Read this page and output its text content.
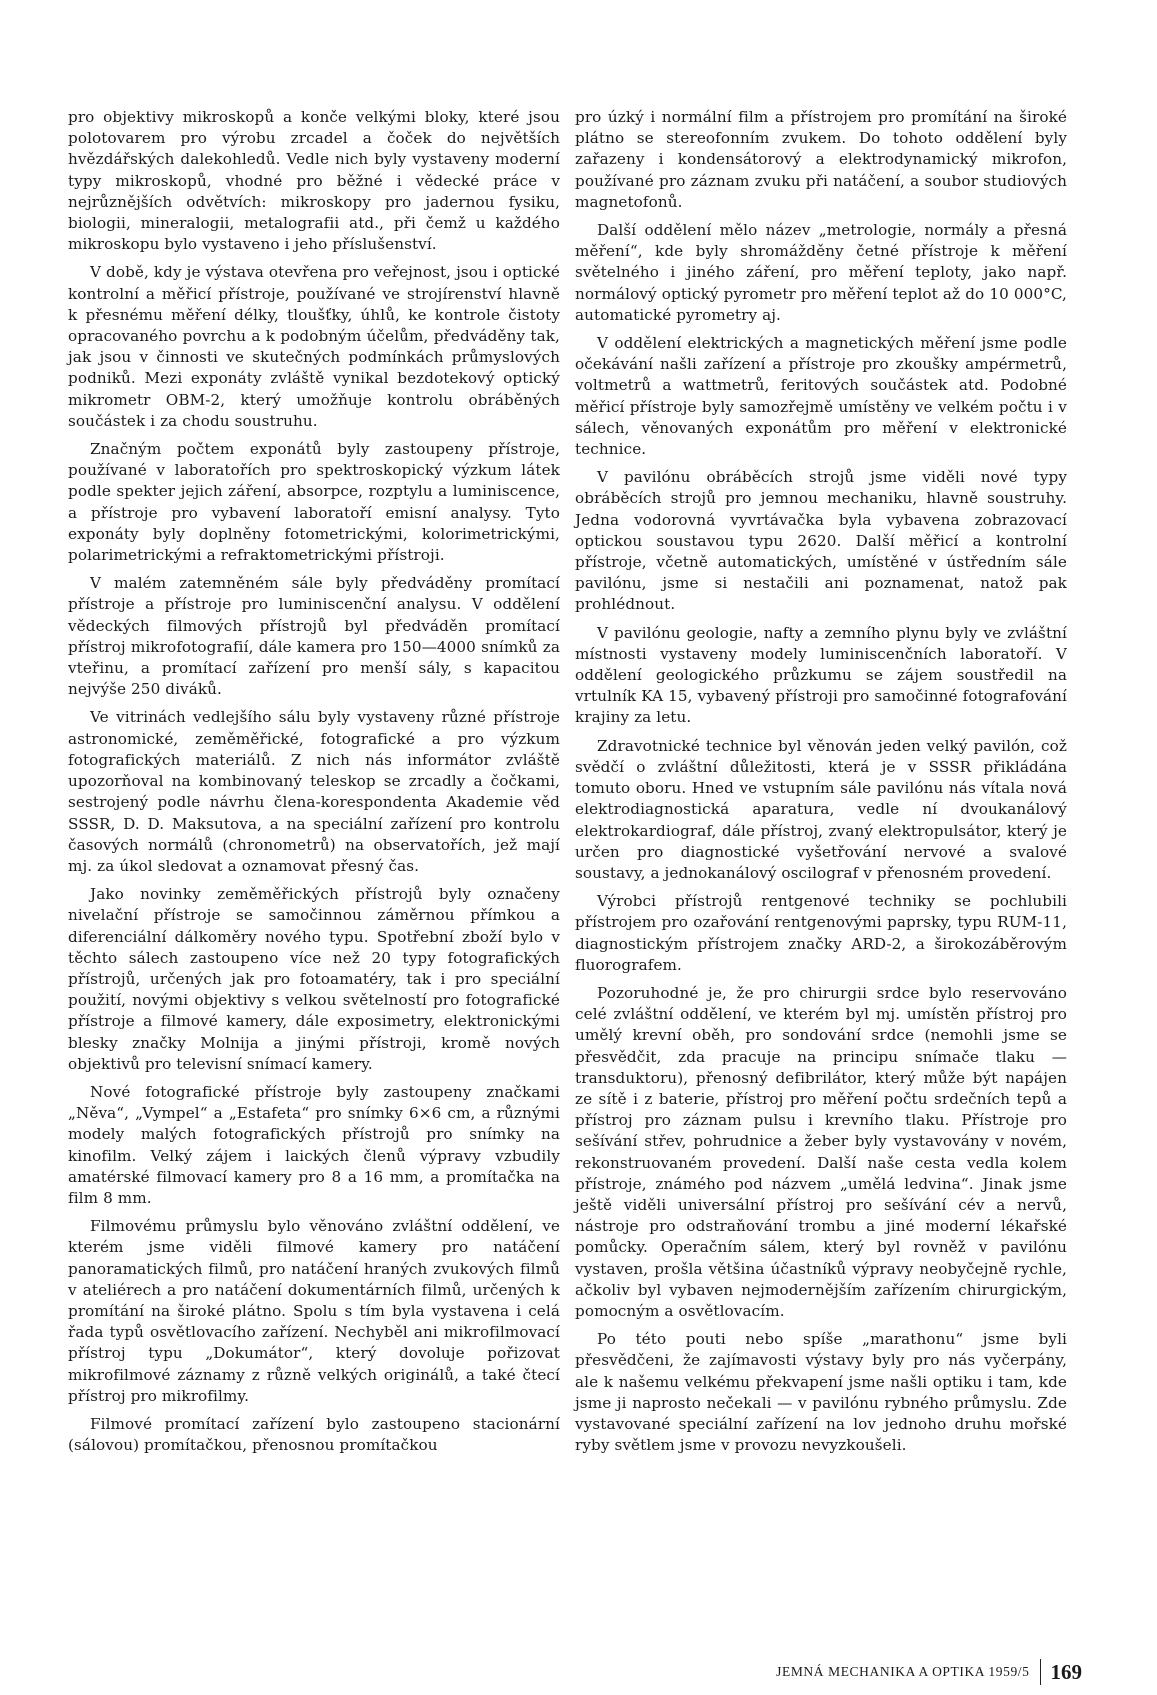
pro objektivy mikroskopů a konče velkými bloky, které jsou polotovarem pro výrobu zrcadel a čoček do největších hvězdářských dalekohledů. Vedle nich byly vystaveny moderní typy mikroskopů, vhodné pro běžné i vědecké práce v nejrůznějších odvětvích: mikroskopy pro jadernou fysiku, biologii, mineralogii, metalografii atd., při čemž u každého mikroskopu bylo vystaveno i jeho příslušenství.

V době, kdy je výstava otevřena pro veřejnost, jsou i optické kontrolní a měřicí přístroje, používané ve strojírenství hlavně k přesnému měření délky, tloušťky, úhlů, ke kontrole čistoty opracovaného povrchu a k podobným účelům, předváděny tak, jak jsou v činnosti ve skutečných podmínkách průmyslových podniků. Mezi exponáty zvláště vynikal bezdotekový optický mikrometr OBM-2, který umožňuje kontrolu obráběných součástek i za chodu soustruhu.

Značným počtem exponátů byly zastoupeny přístroje, používané v laboratořích pro spektroskopický výzkum látek podle spekter jejich záření, absorpce, rozptylu a luminiscence, a přístroje pro vybavení laboratoří emisní analysy. Tyto exponáty byly doplněny fotometrickými, kolorimetrickými, polarimetrickými a refraktometrickými přístroji.

V malém zatemněném sále byly předváděny promítací přístroje a přístroje pro luminiscenční analysu. V oddělení vědeckých filmových přístrojů byl předváděn promítací přístroj mikrofotografií, dále kamera pro 150—4000 snímků za vteřinu, a promítací zařízení pro menší sály, s kapacitou nejvýše 250 diváků.

Ve vitrinách vedlejšího sálu byly vystaveny různé přístroje astronomické, zeměměřické, fotografické a pro výzkum fotografických materiálů. Z nich nás informátor zvláště upozorňoval na kombinovaný teleskop se zrcadly a čočkami, sestrojený podle návrhu člena-korespondenta Akademie věd SSSR, D. D. Maksutova, a na speciální zařízení pro kontrolu časových normálů (chronometrů) na observatořích, jež mají mj. za úkol sledovat a oznamovat přesný čas.

Jako novinky zeměměřických přístrojů byly označeny nivelační přístroje se samočinnou záměrnou přímkou a diferenciální dálkoměry nového typu. Spotřební zboží bylo v těchto sálech zastoupeno více než 20 typy fotografických přístrojů, určených jak pro fotoamatéry, tak i pro speciální použití, novými objektivy s velkou světelností pro fotografické přístroje a filmové kamery, dále exposimetry, elektronickými blesky značky Molnija a jinými přístroji, kromě nových objektivů pro televisní snímací kamery.

Nové fotografické přístroje byly zastoupeny značkami „Něva“, „Vympel“ a „Estafeta“ pro snímky 6×6 cm, a různými modely malých fotografických přístrojů pro snímky na kinofilm. Velký zájem i laických členů výpravy vzbudily amatérské filmovací kamery pro 8 a 16 mm, a promítačka na film 8 mm.

Filmovému průmyslu bylo věnováno zvláštní oddělení, ve kterém jsme viděli filmové kamery pro natáčení panoramatických filmů, pro natáčení hraných zvukových filmů v ateliérech a pro natáčení dokumentárních filmů, určených k promítání na široké plátno. Spolu s tím byla vystavena i celá řada typů osvětlovacího zařízení. Nechyběl ani mikrofilmovací přístroj typu „Dokumátor“, který dovoluje pořizovat mikrofilmové záznamy z různě velkých originálů, a také čtecí přístroj pro mikrofilmy.

Filmové promítací zařízení bylo zastoupeno stacionární (sálovou) promítačkou, přenosnou promítačkou

pro úzký i normální film a přístrojem pro promítání na široké plátno se stereofonním zvukem. Do tohoto oddělení byly zařazeny i kondensátorový a elektrodynamický mikrofon, používané pro záznam zvuku při natáčení, a soubor studiových magnetofonů.

Další oddělení mělo název „metrologie, normály a přesná měření“, kde byly shromážděny četné přístroje k měření světelného i jiného záření, pro měření teploty, jako např. normálový optický pyrometr pro měření teplot až do 10 000°C, automatické pyrometry aj.

V oddělení elektrických a magnetických měření jsme podle očekávání našli zařízení a přístroje pro zkoušky ampérmetrů, voltmetrů a wattmetrů, feritových součástek atd. Podobné měřicí přístroje byly samozřejmě umístěny ve velkém počtu i v sálech, věnovaných exponátům pro měření v elektronické technice.

V pavilónu obráběcích strojů jsme viděli nové typy obráběcích strojů pro jemnou mechaniku, hlavně soustruhy. Jedna vodorovná vyvrtávačka byla vybavena zobrazovací optickou soustavou typu 2620. Další měřicí a kontrolní přístroje, včetně automatických, umístěné v ústředním sále pavilónu, jsme si nestačili ani poznamenat, natož pak prohlédnout.

V pavilónu geologie, nafty a zemního plynu byly ve zvláštní místnosti vystaveny modely luminiscenčních laboratoří. V oddělení geologického průzkumu se zájem soustředil na vrtulník KA 15, vybavený přístroji pro samočinné fotografování krajiny za letu.

Zdravotnické technice byl věnován jeden velký pavilón, což svědčí o zvláštní důležitosti, která je v SSSR přikládána tomuto oboru. Hned ve vstupním sále pavilónu nás vítala nová elektrodiagnostická aparatura, vedle ní dvoukanálový elektrokardiograf, dále přístroj, zvaný elektropulsátor, který je určen pro diagnostické vyšetřování nervové a svalové soustavy, a jednokanálový oscilograf v přenosném provedení.

Výrobci přístrojů rentgenové techniky se pochlubili přístrojem pro ozařování rentgenovými paprsky, typu RUM-11, diagnostickým přístrojem značky ARD-2, a širokozáběrovým fluorografem.

Pozoruhodné je, že pro chirurgii srdce bylo reservováno celé zvláštní oddělení, ve kterém byl mj. umístěn přístroj pro umělý krevní oběh, pro sondování srdce (nemohli jsme se přesvědčit, zda pracuje na principu snímače tlaku — transduktoru), přenosný defibrilátor, který může být napájen ze sítě i z baterie, přístroj pro měření počtu srdečních tepů a přístroj pro záznam pulsu i krevního tlaku. Přístroje pro sešívání střev, pohrudnice a žeber byly vystavovány v novém, rekonstruovaném provedení. Další naše cesta vedla kolem přístroje, známého pod názvem „umělá ledvina“. Jinak jsme ještě viděli universální přístroj pro sešívání cév a nervů, nástroje pro odstraňování trombu a jiné moderní lékařské pomůcky. Operačním sálem, který byl rovněž v pavilónu vystaven, prošla většina účastníků výpravy neobyčejně rychle, ačkoliv byl vybaven nejmodernějším zařízením chirurgickým, pomocným a osvětlovacím.

Po této pouti nebo spíše „marathonu“ jsme byli přesvědčeni, že zajímavosti výstavy byly pro nás vyčerpány, ale k našemu velkému překvapení jsme našli optiku i tam, kde jsme ji naprosto nečekali — v pavilónu rybného průmyslu. Zde vystavované speciální zařízení na lov jednoho druhu mořské ryby světlem jsme v provozu nevyzkoušeli.

JEMNÁ MECHANIKA A OPTIKA 1959/5 169
